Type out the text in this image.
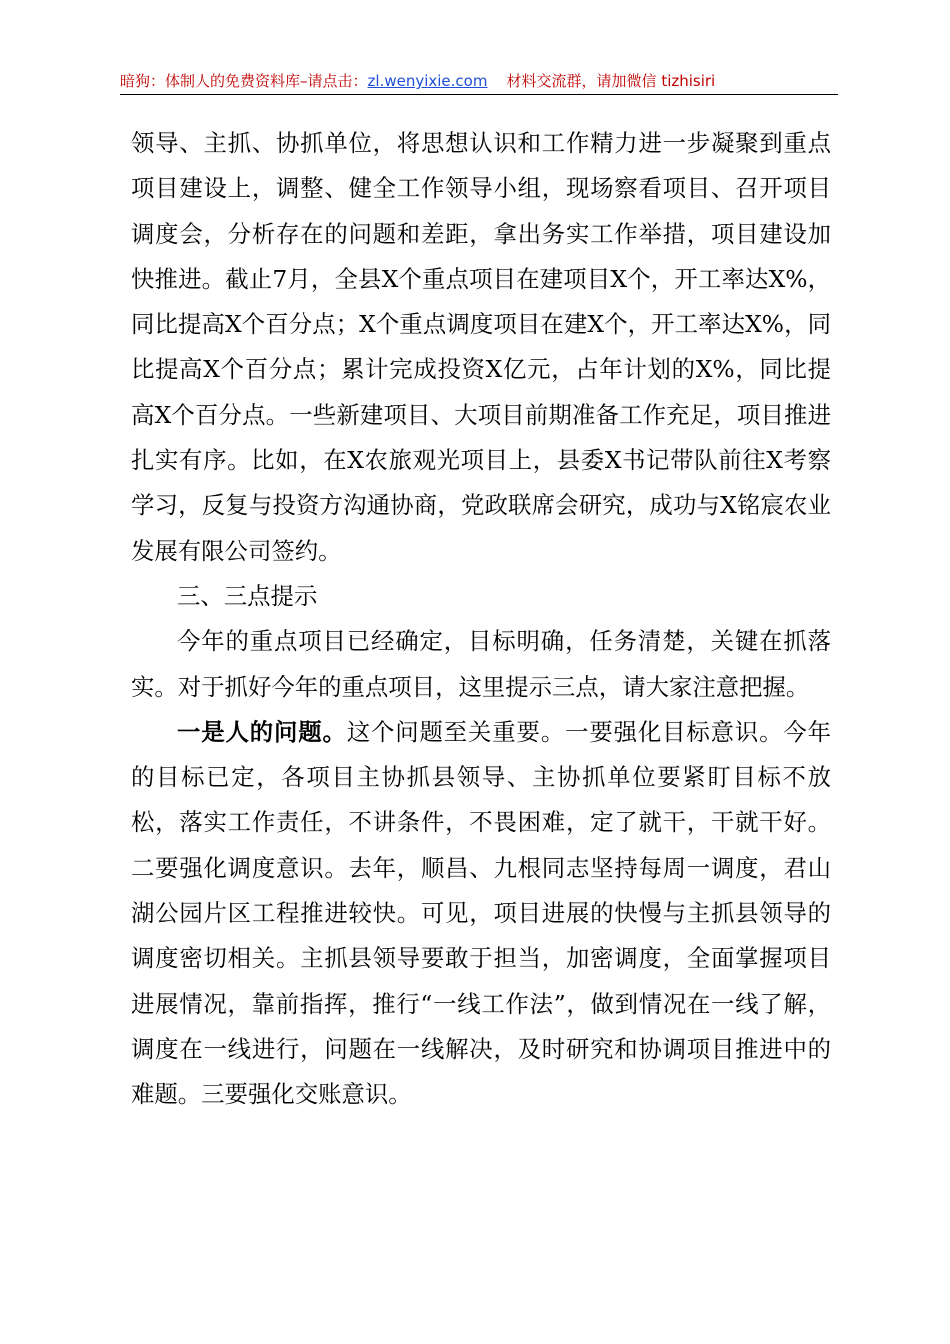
暗狗：体制人的免费资料库–请点击：zl.wenyixie.com 材料交流群，请加微信 tizhisiri

领导、主抓、协抓单位，将思想认识和工作精力进一步凝聚到重点项目建设上，调整、健全工作领导小组，现场察看项目、召开项目调度会，分析存在的问题和差距，拿出务实工作举措，项目建设加快推进。截止7月，全县X个重点项目在建项目X个，开工率达X%，同比提高X个百分点；X个重点调度项目在建X个，开工率达X%，同比提高X个百分点；累计完成投资X亿元，占年计划的X%，同比提高X个百分点。一些新建项目、大项目前期准备工作充足，项目推进扎实有序。比如，在X农旅观光项目上，县委X书记带队前往X考察学习，反复与投资方沟通协商，党政联席会研究，成功与X铭宸农业发展有限公司签约。

三、三点提示

今年的重点项目已经确定，目标明确，任务清楚，关键在抓落实。对于抓好今年的重点项目，这里提示三点，请大家注意把握。

一是人的问题。这个问题至关重要。一要强化目标意识。今年的目标已定，各项目主协抓县领导、主协抓单位要紧盯目标不放松，落实工作责任，不讲条件，不畏困难，定了就干，干就干好。二要强化调度意识。去年，顺昌、九根同志坚持每周一调度，君山湖公园片区工程推进较快。可见，项目进展的快慢与主抓县领导的调度密切相关。主抓县领导要敢于担当，加密调度，全面掌握项目进展情况，靠前指挥，推行“一线工作法”，做到情况在一线了解，调度在一线进行，问题在一线解决，及时研究和协调项目推进中的难题。三要强化交账意识。
